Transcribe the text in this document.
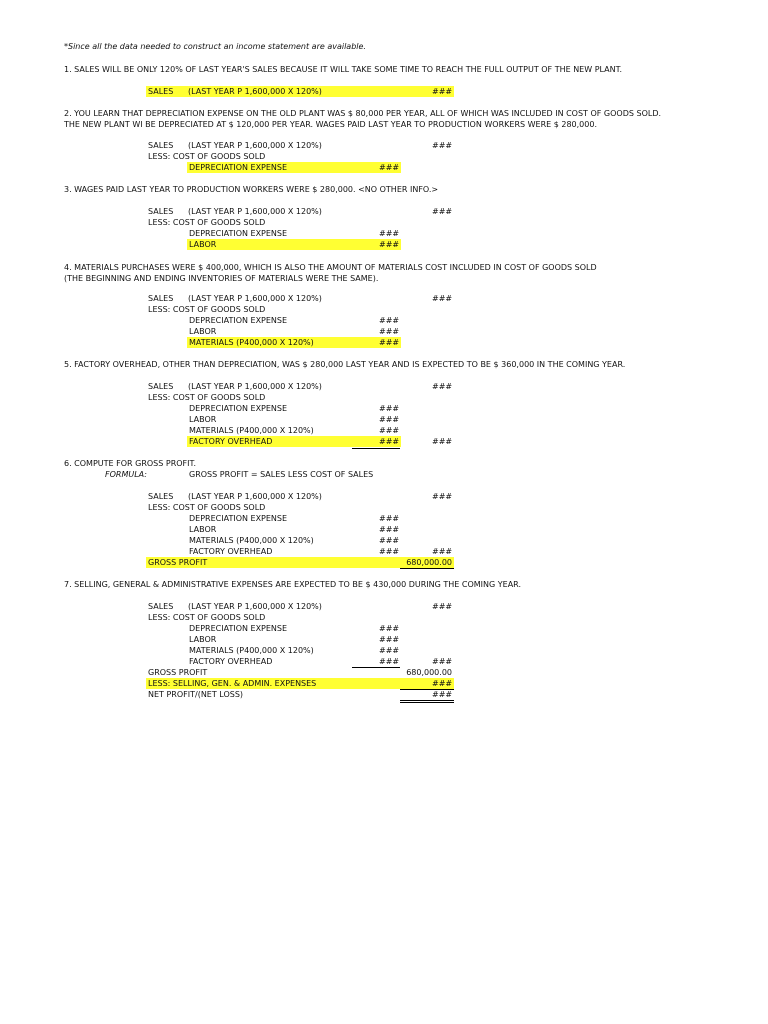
*Since all the data needed to construct an income statement are available.
1. SALES WILL BE ONLY 120% OF LAST YEAR'S SALES BECAUSE IT WILL TAKE SOME TIME TO REACH THE FULL OUTPUT OF THE NEW PLANT.
SALES (LAST YEAR P 1,600,000 X 120%)	###
2. YOU LEARN THAT DEPRECIATION EXPENSE ON THE OLD PLANT WAS $ 80,000 PER YEAR, ALL OF WHICH WAS INCLUDED IN COST OF GOODS SOLD.
THE NEW PLANT WI BE DEPRECIATED AT $ 120,000 PER YEAR. WAGES PAID LAST YEAR TO PRODUCTION WORKERS WERE $ 280,000.
SALES (LAST YEAR P 1,600,000 X 120%)	###
LESS: COST OF GOODS SOLD
DEPRECIATION EXPENSE	###
3. WAGES PAID LAST YEAR TO PRODUCTION WORKERS WERE $ 280,000. <NO OTHER INFO.>
SALES (LAST YEAR P 1,600,000 X 120%)	###
LESS: COST OF GOODS SOLD
DEPRECIATION EXPENSE	###
LABOR	###
4. MATERIALS PURCHASES WERE $ 400,000, WHICH IS ALSO THE AMOUNT OF MATERIALS COST INCLUDED IN COST OF GOODS SOLD
(THE BEGINNING AND ENDING INVENTORIES OF MATERIALS WERE THE SAME).
SALES (LAST YEAR P 1,600,000 X 120%)	###
LESS: COST OF GOODS SOLD
DEPRECIATION EXPENSE	###
LABOR	###
MATERIALS (P400,000 X 120%)	###
5. FACTORY OVERHEAD, OTHER THAN DEPRECIATION, WAS $ 280,000 LAST YEAR AND IS EXPECTED TO BE $ 360,000 IN THE COMING YEAR.
SALES (LAST YEAR P 1,600,000 X 120%)	###
LESS: COST OF GOODS SOLD
DEPRECIATION EXPENSE	###
LABOR	###
MATERIALS (P400,000 X 120%)	###
FACTORY OVERHEAD	###	###
6. COMPUTE FOR GROSS PROFIT.
FORMULA:	GROSS PROFIT = SALES LESS COST OF SALES
SALES (LAST YEAR P 1,600,000 X 120%)	###
LESS: COST OF GOODS SOLD
DEPRECIATION EXPENSE	###
LABOR	###
MATERIALS (P400,000 X 120%)	###
FACTORY OVERHEAD	###	###
GROSS PROFIT	680,000.00
7. SELLING, GENERAL & ADMINISTRATIVE EXPENSES ARE EXPECTED TO BE $ 430,000 DURING THE COMING YEAR.
SALES (LAST YEAR P 1,600,000 X 120%)	###
LESS: COST OF GOODS SOLD
DEPRECIATION EXPENSE	###
LABOR	###
MATERIALS (P400,000 X 120%)	###
FACTORY OVERHEAD	###	###
GROSS PROFIT	680,000.00
LESS: SELLING, GEN. & ADMIN. EXPENSES	###
NET PROFIT/(NET LOSS)	###
